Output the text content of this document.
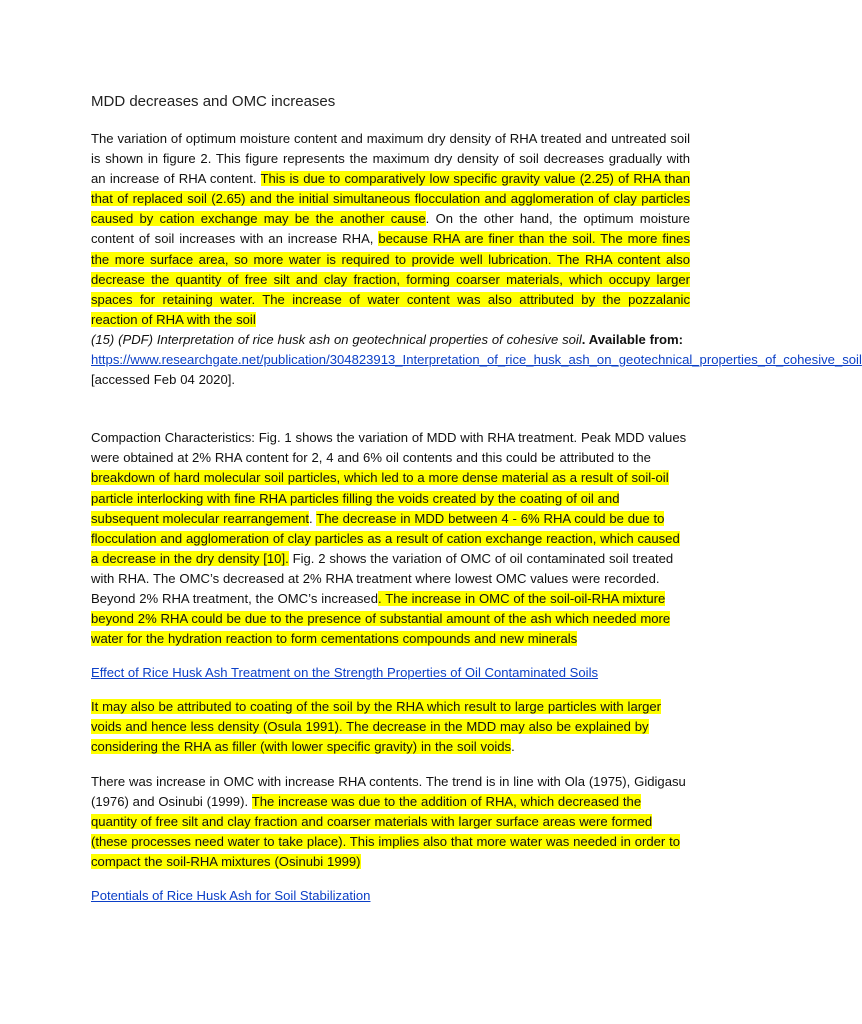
MDD decreases and OMC increases

The variation of optimum moisture content and maximum dry density of RHA treated and untreated soil is shown in figure 2. This figure represents the maximum dry density of soil decreases gradually with an increase of RHA content. This is due to comparatively low specific gravity value (2.25) of RHA than that of replaced soil (2.65) and the initial simultaneous flocculation and agglomeration of clay particles caused by cation exchange may be the another cause. On the other hand, the optimum moisture content of soil increases with an increase RHA, because RHA are finer than the soil. The more fines the more surface area, so more water is required to provide well lubrication. The RHA content also decrease the quantity of free silt and clay fraction, forming coarser materials, which occupy larger spaces for retaining water. The increase of water content was also attributed by the pozzalanic reaction of RHA with the soil

(15) (PDF) Interpretation of rice husk ash on geotechnical properties of cohesive soil. Available from: https://www.researchgate.net/publication/304823913_Interpretation_of_rice_husk_ash_on_geotechnical_properties_of_cohesive_soil [accessed Feb 04 2020].

Compaction Characteristics: Fig. 1 shows the variation of MDD with RHA treatment. Peak MDD values were obtained at 2% RHA content for 2, 4 and 6% oil contents and this could be attributed to the breakdown of hard molecular soil particles, which led to a more dense material as a result of soil-oil particle interlocking with fine RHA particles filling the voids created by the coating of oil and subsequent molecular rearrangement. The decrease in MDD between 4 - 6% RHA could be due to flocculation and agglomeration of clay particles as a result of cation exchange reaction, which caused a decrease in the dry density [10]. Fig. 2 shows the variation of OMC of oil contaminated soil treated with RHA. The OMC’s decreased at 2% RHA treatment where lowest OMC values were recorded. Beyond 2% RHA treatment, the OMC’s increased. The increase in OMC of the soil-oil-RHA mixture beyond 2% RHA could be due to the presence of substantial amount of the ash which needed more water for the hydration reaction to form cementations compounds and new minerals

Effect of Rice Husk Ash Treatment on the Strength Properties of Oil Contaminated Soils

It may also be attributed to coating of the soil by the RHA which result to large particles with larger voids and hence less density (Osula 1991). The decrease in the MDD may also be explained by considering the RHA as filler (with lower specific gravity) in the soil voids.

There was increase in OMC with increase RHA contents. The trend is in line with Ola (1975), Gidigasu (1976) and Osinubi (1999). The increase was due to the addition of RHA, which decreased the quantity of free silt and clay fraction and coarser materials with larger surface areas were formed (these processes need water to take place). This implies also that more water was needed in order to compact the soil-RHA mixtures (Osinubi 1999)

Potentials of Rice Husk Ash for Soil Stabilization
